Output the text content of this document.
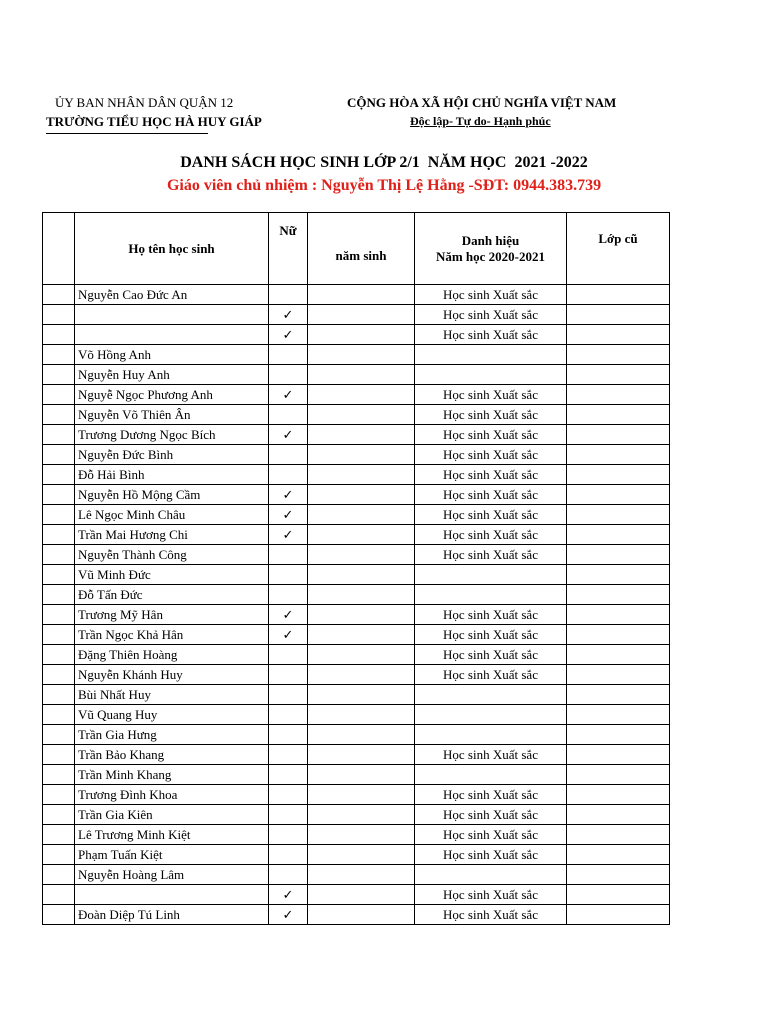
ỦY BAN NHÂN DÂN QUẬN 12
TRƯỜNG TIỂU HỌC HÀ HUY GIÁP
CỘNG HÒA XÃ HỘI CHỦ NGHĨA VIỆT NAM
Độc lập- Tự do- Hạnh phúc
DANH SÁCH HỌC SINH LỚP 2/1  NĂM HỌC  2021 -2022
Giáo viên chủ nhiệm : Nguyễn Thị Lệ Hằng -SĐT: 0944.383.739
	Họ tên học sinh	Nữ	năm sinh	Danh hiệu
Năm học 2020-2021	Lớp cũ
	Nguyễn Cao Đức An			Học sinh Xuất sắc	
		✓		Học sinh Xuất sắc	
		✓		Học sinh Xuất sắc	
	Võ Hồng Anh				
	Nguyễn Huy Anh				
	Nguyễ Ngọc Phương Anh	✓		Học sinh Xuất sắc	
	Nguyễn Võ Thiên Ân			Học sinh Xuất sắc	
	Trương Dương Ngọc Bích	✓		Học sinh Xuất sắc	
	Nguyễn Đức Bình			Học sinh Xuất sắc	
	Đỗ Hải Bình			Học sinh Xuất sắc	
	Nguyễn Hồ Mộng Cầm	✓		Học sinh Xuất sắc	
	Lê Ngọc Minh Châu	✓		Học sinh Xuất sắc	
	Trần Mai Hương Chi	✓		Học sinh Xuất sắc	
	Nguyễn Thành Công			Học sinh Xuất sắc	
	Vũ Minh Đức				
	Đỗ Tấn Đức				
	Trương Mỹ Hân	✓		Học sinh Xuất sắc	
	Trần Ngọc Khả Hân	✓		Học sinh Xuất sắc	
	Đặng Thiên Hoàng			Học sinh Xuất sắc	
	Nguyễn Khánh Huy			Học sinh Xuất sắc	
	Bùi Nhất Huy				
	Vũ Quang Huy				
	Trần Gia Hưng				
	Trần Bảo Khang			Học sinh Xuất sắc	
	Trần Minh Khang				
	Trương Đình Khoa			Học sinh Xuất sắc	
	Trần Gia Kiên			Học sinh Xuất sắc	
	Lê Trương Minh Kiệt			Học sinh Xuất sắc	
	Phạm Tuấn Kiệt			Học sinh Xuất sắc	
	Nguyễn Hoàng Lâm				
		✓		Học sinh Xuất sắc	
	Đoàn Diệp Tú Linh	✓		Học sinh Xuất sắc	
